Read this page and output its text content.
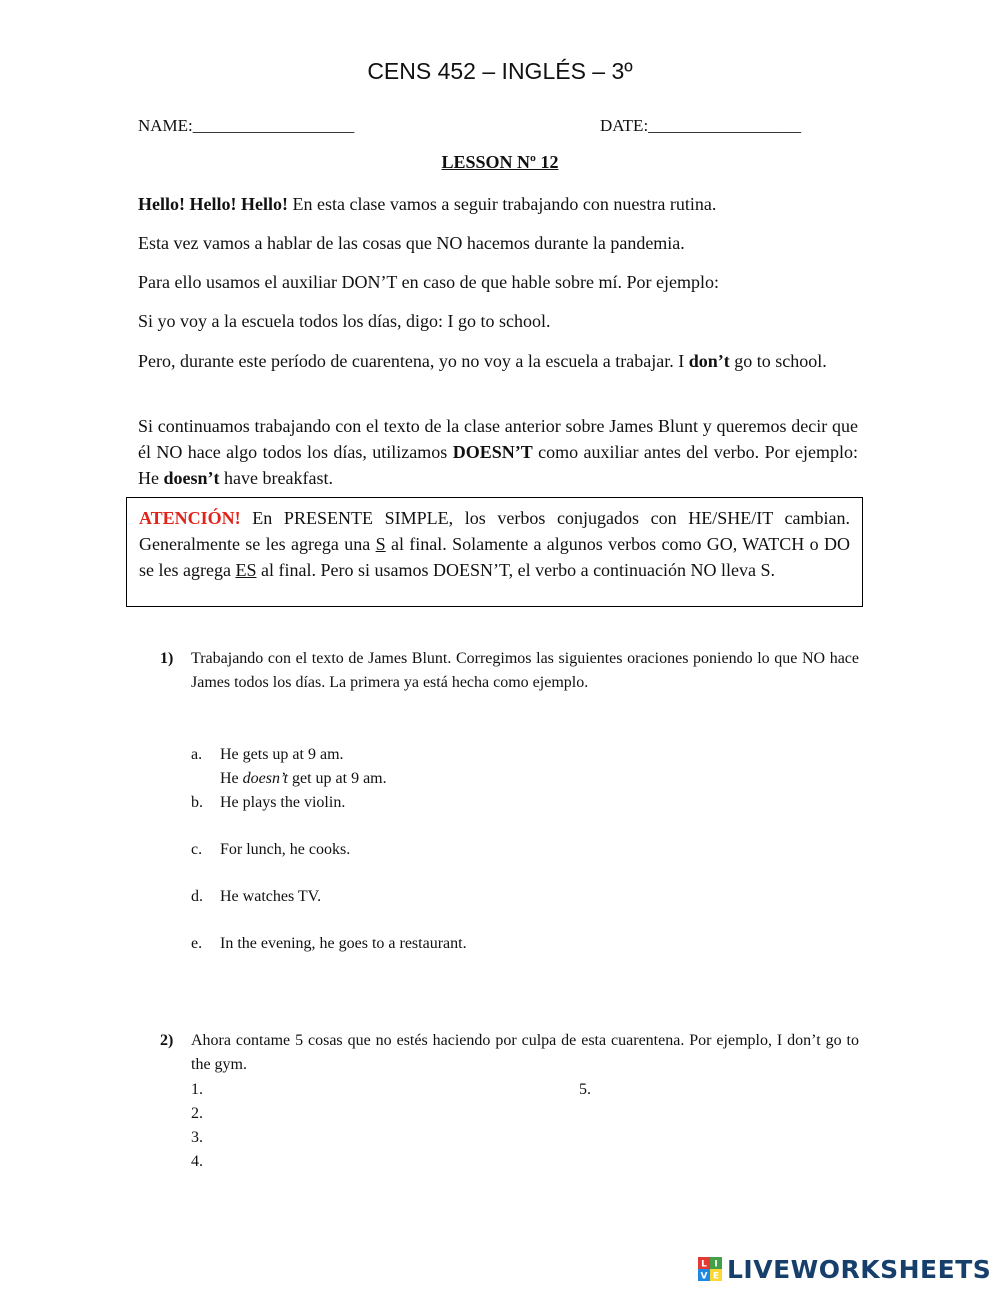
CENS 452 – INGLÉS – 3º
NAME:___________________	DATE:__________________
LESSON Nº 12
Hello! Hello! Hello! En esta clase vamos a seguir trabajando con nuestra rutina.
Esta vez vamos a hablar de las cosas que NO hacemos durante la pandemia.
Para ello usamos el auxiliar DON’T en caso de que hable sobre mí. Por ejemplo:
Si yo voy a la escuela todos los días, digo: I go to school.
Pero, durante este período de cuarentena, yo no voy a la escuela a trabajar. I don’t go to school.
Si continuamos trabajando con el texto de la clase anterior sobre James Blunt y queremos decir que él NO hace algo todos los días, utilizamos DOESN’T como auxiliar antes del verbo. Por ejemplo: He doesn’t have breakfast.
ATENCIÓN! En PRESENTE SIMPLE, los verbos conjugados con HE/SHE/IT cambian. Generalmente se les agrega una S al final. Solamente a algunos verbos como GO, WATCH o DO se les agrega ES al final. Pero si usamos DOESN’T, el verbo a continuación NO lleva S.
1) Trabajando con el texto de James Blunt. Corregimos las siguientes oraciones poniendo lo que NO hace James todos los días. La primera ya está hecha como ejemplo.
a. He gets up at 9 am.
He doesn’t get up at 9 am.
b. He plays the violin.
c. For lunch, he cooks.
d. He watches TV.
e. In the evening, he goes to a restaurant.
2) Ahora contame 5 cosas que no estés haciendo por culpa de esta cuarentena. Por ejemplo, I don’t go to the gym.
1.
2.
3.
4.
5.
L I
V E LIVEWORKSHEETS
